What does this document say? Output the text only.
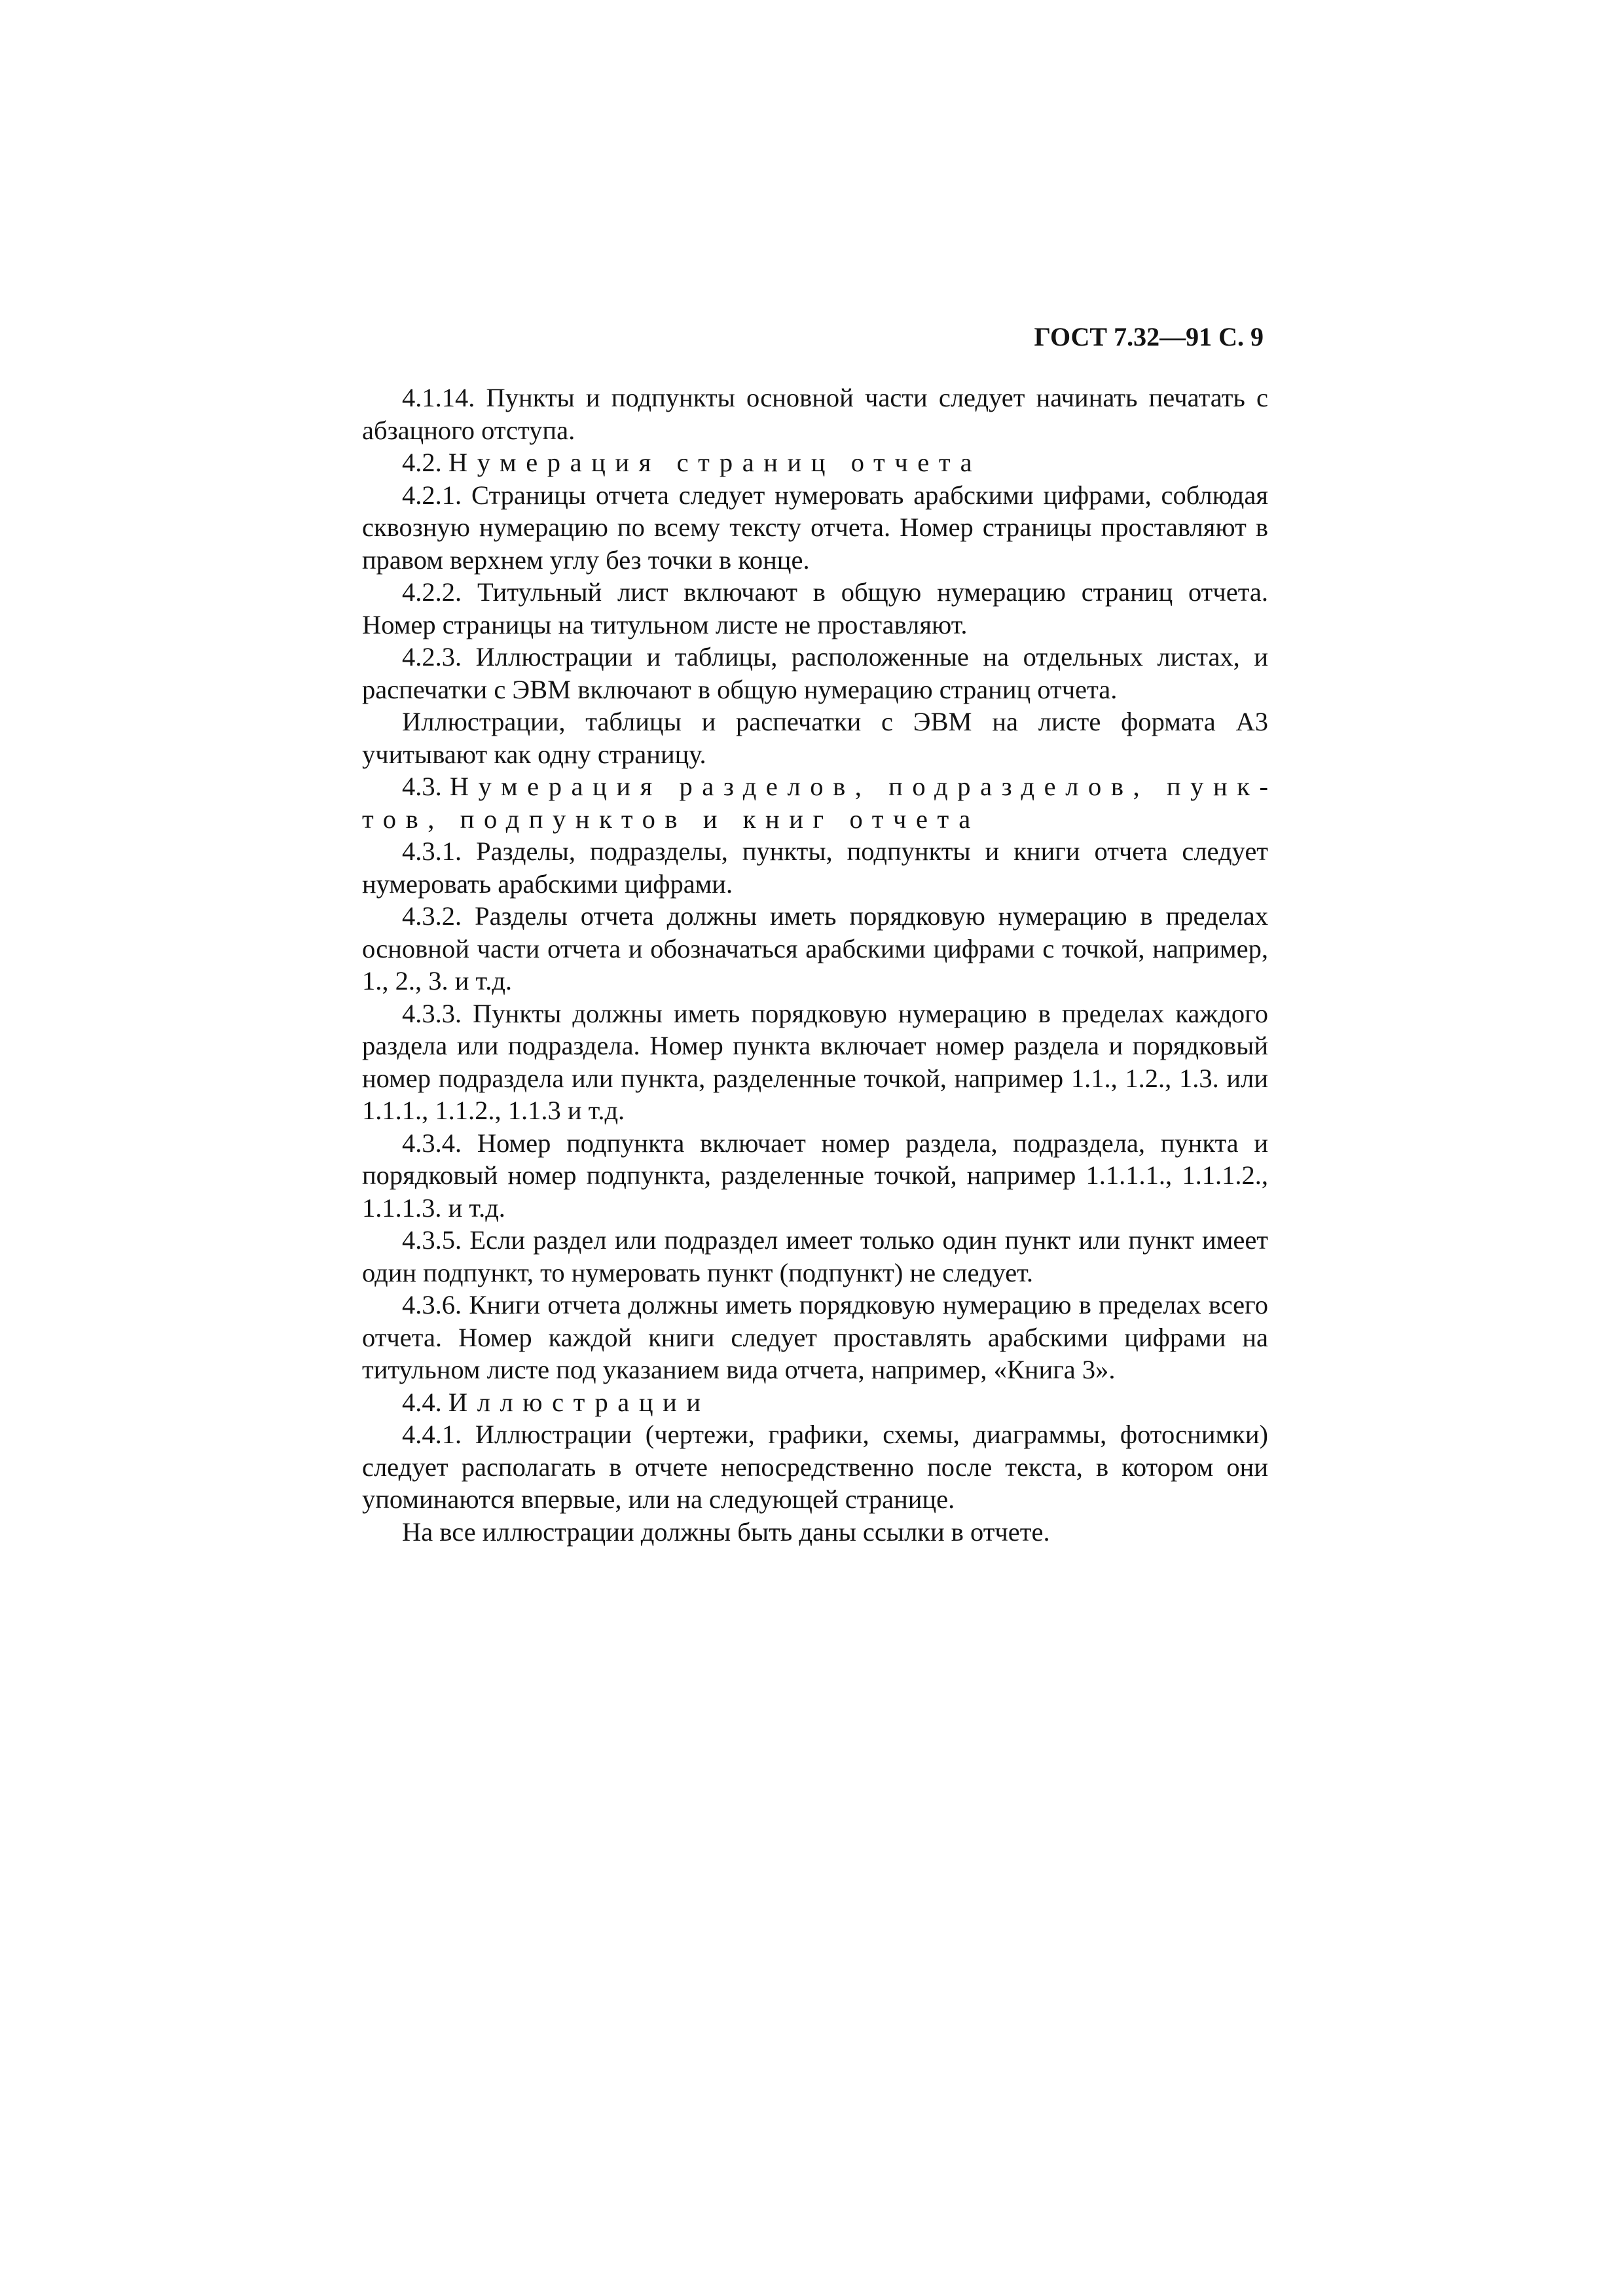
ГОСТ 7.32—91 С. 9

4.1.14. Пункты и подпункты основной части следует начинать печатать с абзацного отступа.

4.2. Нумерация страниц отчета

4.2.1. Страницы отчета следует нумеровать арабскими цифрами, соблюдая сквозную нумерацию по всему тексту отчета. Номер страницы проставляют в правом верхнем углу без точки в конце.

4.2.2. Титульный лист включают в общую нумерацию страниц отчета. Номер страницы на титульном листе не проставляют.

4.2.3. Иллюстрации и таблицы, расположенные на отдельных листах, и распечатки с ЭВМ включают в общую нумерацию страниц отчета.

Иллюстрации, таблицы и распечатки с ЭВМ на листе формата А3 учитывают как одну страницу.

4.3. Нумерация разделов, подразделов, пунктов, подпунктов и книг отчета

4.3.1. Разделы, подразделы, пункты, подпункты и книги отчета следует нумеровать арабскими цифрами.

4.3.2. Разделы отчета должны иметь порядковую нумерацию в пределах основной части отчета и обозначаться арабскими цифрами с точкой, например, 1., 2., 3. и т.д.

4.3.3. Пункты должны иметь порядковую нумерацию в пределах каждого раздела или подраздела. Номер пункта включает номер раздела и порядковый номер подраздела или пункта, разделенные точкой, например 1.1., 1.2., 1.3. или 1.1.1., 1.1.2., 1.1.3 и т.д.

4.3.4. Номер подпункта включает номер раздела, подраздела, пункта и порядковый номер подпункта, разделенные точкой, например 1.1.1.1., 1.1.1.2., 1.1.1.3. и т.д.

4.3.5. Если раздел или подраздел имеет только один пункт или пункт имеет один подпункт, то нумеровать пункт (подпункт) не следует.

4.3.6. Книги отчета должны иметь порядковую нумерацию в пределах всего отчета. Номер каждой книги следует проставлять арабскими цифрами на титульном листе под указанием вида отчета, например, «Книга 3».

4.4. Иллюстрации

4.4.1. Иллюстрации (чертежи, графики, схемы, диаграммы, фотоснимки) следует располагать в отчете непосредственно после текста, в котором они упоминаются впервые, или на следующей странице.

На все иллюстрации должны быть даны ссылки в отчете.
